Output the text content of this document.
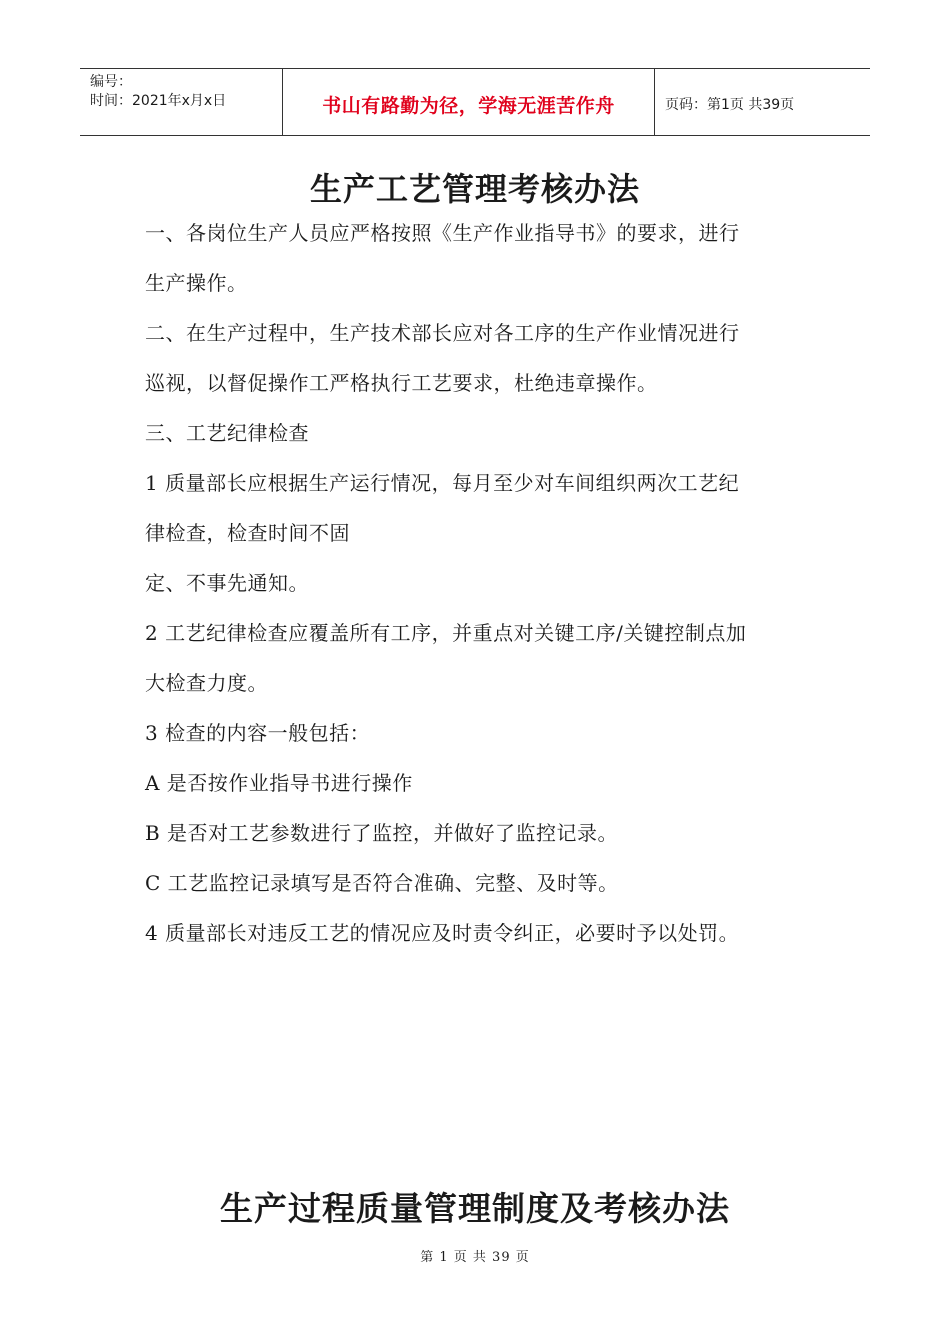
编号：
时间：2021年x月x日	书山有路勤为径，学海无涯苦作舟	页码：第1页 共39页
生产工艺管理考核办法
一、各岗位生产人员应严格按照《生产作业指导书》的要求，进行
生产操作。
二、在生产过程中，生产技术部长应对各工序的生产作业情况进行
巡视，以督促操作工严格执行工艺要求，杜绝违章操作。
三、工艺纪律检查
1 质量部长应根据生产运行情况，每月至少对车间组织两次工艺纪
律检查，检查时间不固
定、不事先通知。
2 工艺纪律检查应覆盖所有工序，并重点对关键工序/关键控制点加
大检查力度。
3 检查的内容一般包括：
A 是否按作业指导书进行操作
B 是否对工艺参数进行了监控，并做好了监控记录。
C 工艺监控记录填写是否符合准确、完整、及时等。
4 质量部长对违反工艺的情况应及时责令纠正，必要时予以处罚。
生产过程质量管理制度及考核办法
第 1 页 共 39 页
